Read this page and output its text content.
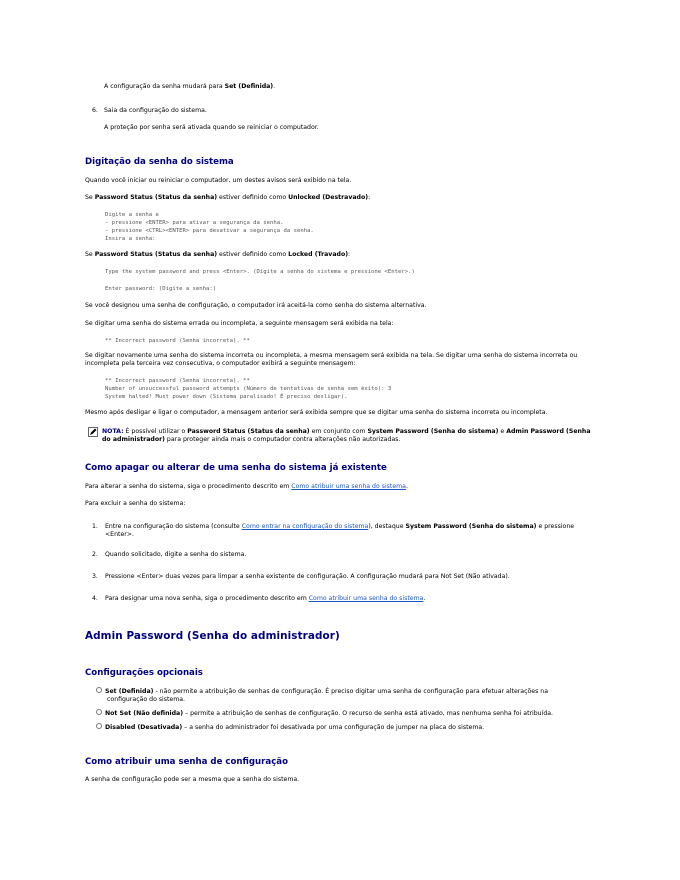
A configuração da senha mudará para Set (Definida).

6. Saia da configuração do sistema.

A proteção por senha será ativada quando se reiniciar o computador.

Digitação da senha do sistema

Quando você iniciar ou reiniciar o computador, um destes avisos será exibido na tela.

Se Password Status (Status da senha) estiver definido como Unlocked (Destravado):

Digite a senha e
- pressione <ENTER> para ativar a segurança da senha.
- pressione <CTRL><ENTER> para desativar a segurança da senha.
Insira a senha:

Se Password Status (Status da senha) estiver definido como Locked (Travado):

Type the system password and press <Enter>. (Digite a senha do sistema e pressione <Enter>.)
Enter password: (Digite a senha:)

Se você designou uma senha de configuração, o computador irá aceitá-la como senha do sistema alternativa.

Se digitar uma senha do sistema errada ou incompleta, a seguinte mensagem será exibida na tela:

** Incorrect password (Senha incorreta). **

Se digitar novamente uma senha do sistema incorreta ou incompleta, a mesma mensagem será exibida na tela. Se digitar uma senha do sistema incorreta ou
incompleta pela terceira vez consecutiva, o computador exibirá a seguinte mensagem:

** Incorrect password (Senha incorreta). **
Number of unsuccessful password attempts (Número de tentativas de senha sem êxito): 3
System halted! Must power down (Sistema paralisado! É preciso desligar).

Mesmo após desligar e ligar o computador, a mensagem anterior será exibida sempre que se digitar uma senha do sistema incorreta ou incompleta.

NOTA: É possível utilizar o Password Status (Status da senha) em conjunto com System Password (Senha do sistema) e Admin Password (Senha
do administrador) para proteger ainda mais o computador contra alterações não autorizadas.

Como apagar ou alterar de uma senha do sistema já existente

Para alterar a senha do sistema, siga o procedimento descrito em Como atribuir uma senha do sistema.

Para excluir a senha do sistema:

1. Entre na configuração do sistema (consulte Como entrar na configuração do sistema), destaque System Password (Senha do sistema) e pressione
<Enter>.

2. Quando solicitado, digite a senha do sistema.

3. Pressione <Enter> duas vezes para limpar a senha existente de configuração. A configuração mudará para Not Set (Não ativada).

4. Para designar uma nova senha, siga o procedimento descrito em Como atribuir uma senha do sistema.

Admin Password (Senha do administrador)
Configurações opcionais

Set (Definida) - não permite a atribuição de senhas de configuração. É preciso digitar uma senha de configuração para efetuar alterações na
configuração do sistema.

Not Set (Não definida) – permite a atribuição de senhas de configuração. O recurso de senha está ativado, mas nenhuma senha foi atribuída.

Disabled (Desativada) – a senha do administrador foi desativada por uma configuração de jumper na placa do sistema.

Como atribuir uma senha de configuração

A senha de configuração pode ser a mesma que a senha do sistema.
